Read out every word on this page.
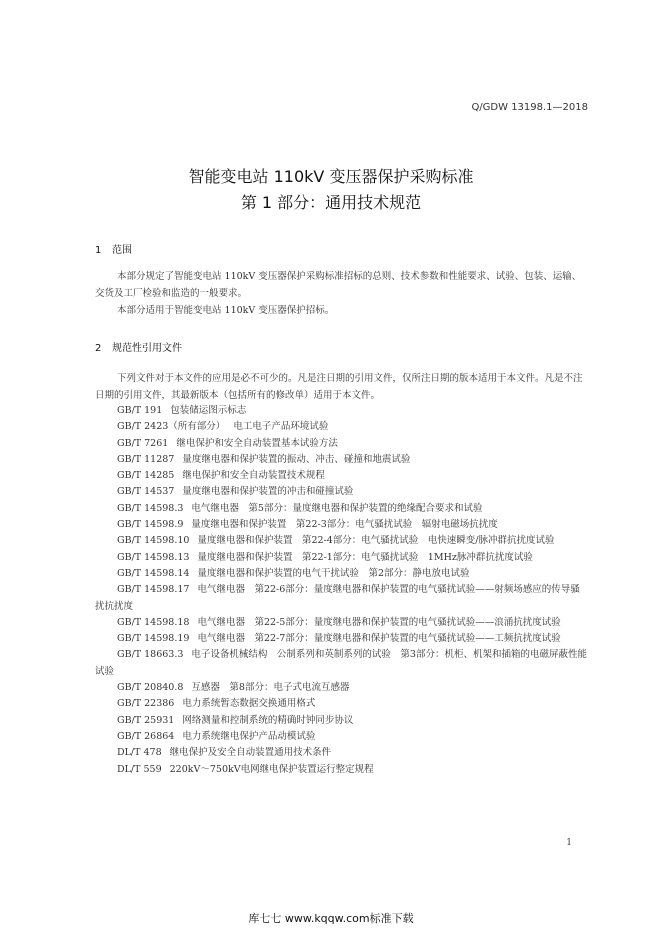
Q/GDW 13198.1—2018
智能变电站 110kV 变压器保护采购标准
第 1 部分：通用技术规范
1 范围
本部分规定了智能变电站 110kV 变压器保护采购标准招标的总则、技术参数和性能要求、试验、包装、运输、交货及工厂检验和监造的一般要求。
本部分适用于智能变电站 110kV 变压器保护招标。
2 规范性引用文件
下列文件对于本文件的应用是必不可少的。凡是注日期的引用文件，仅所注日期的版本适用于本文件。凡是不注日期的引用文件，其最新版本（包括所有的修改单）适用于本文件。
GB/T 191 包装储运图示标志
GB/T 2423（所有部分） 电工电子产品环境试验
GB/T 7261 继电保护和安全自动装置基本试验方法
GB/T 11287 量度继电器和保护装置的振动、冲击、碰撞和地震试验
GB/T 14285 继电保护和安全自动装置技术规程
GB/T 14537 量度继电器和保护装置的冲击和碰撞试验
GB/T 14598.3 电气继电器　第5部分：量度继电器和保护装置的绝缘配合要求和试验
GB/T 14598.9 量度继电器和保护装置　第22-3部分：电气骚扰试验　辐射电磁场抗扰度
GB/T 14598.10 量度继电器和保护装置　第22-4部分：电气骚扰试验　电快速瞬变/脉冲群抗扰度试验
GB/T 14598.13 量度继电器和保护装置　第22-1部分：电气骚扰试验　1MHz脉冲群抗扰度试验
GB/T 14598.14 量度继电器和保护装置的电气干扰试验　第2部分：静电放电试验
GB/T 14598.17 电气继电器　第22-6部分：量度继电器和保护装置的电气骚扰试验——射频场感应的传导骚扰抗扰度
GB/T 14598.18 电气继电器　第22-5部分：量度继电器和保护装置的电气骚扰试验——浪涌抗扰度试验
GB/T 14598.19 电气继电器　第22-7部分：量度继电器和保护装置的电气骚扰试验——工频抗扰度试验
GB/T 18663.3 电子设备机械结构　公制系列和英制系列的试验　第3部分：机柜、机架和插箱的电磁屏蔽性能试验
GB/T 20840.8 互感器　第8部分：电子式电流互感器
GB/T 22386 电力系统暂态数据交换通用格式
GB/T 25931 网络测量和控制系统的精确时钟同步协议
GB/T 26864 电力系统继电保护产品动模试验
DL/T 478 继电保护及安全自动装置通用技术条件
DL/T 559 220kV～750kV电网继电保护装置运行整定规程
1
库七七 www.kqqw.com标准下载
